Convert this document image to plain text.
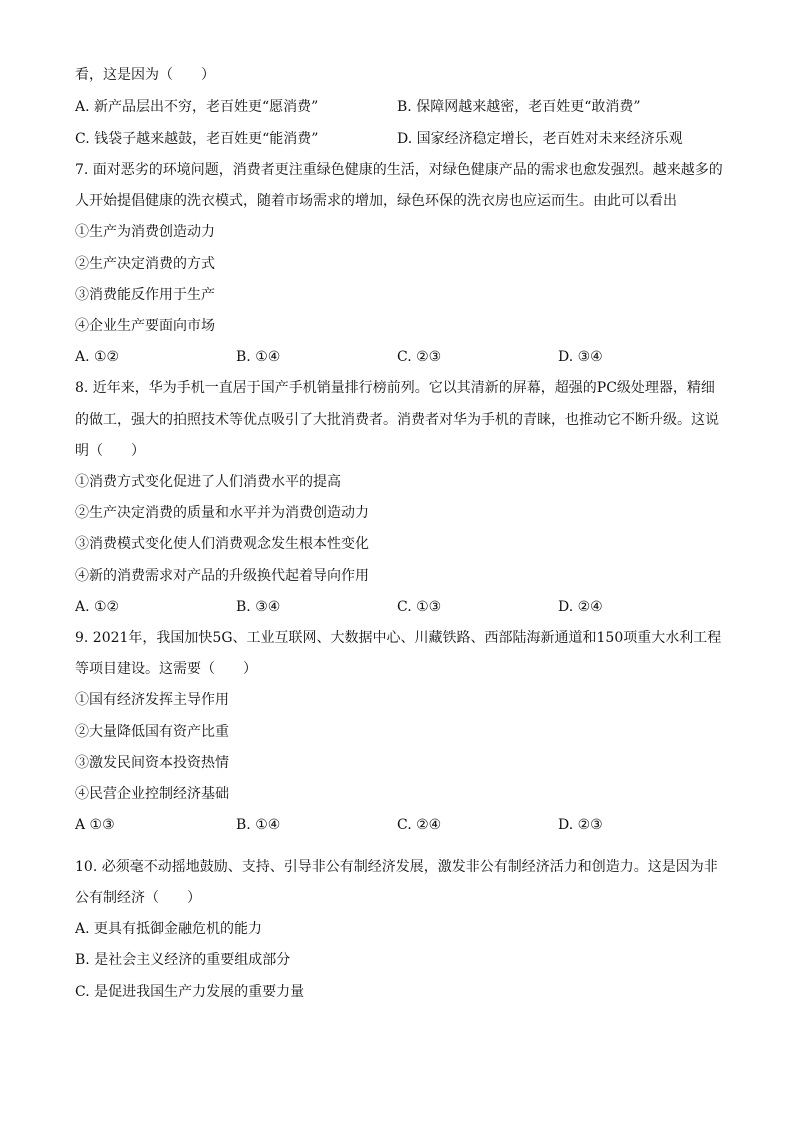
看，这是因为（　　）
A. 新产品层出不穷，老百姓更“愿消费”	B. 保障网越来越密，老百姓更“敢消费”
C. 钱袋子越来越鼓，老百姓更“能消费”	D. 国家经济稳定增长，老百姓对未来经济乐观
7. 面对恶劣的环境问题，消费者更注重绿色健康的生活，对绿色健康产品的需求也愈发强烈。越来越多的
人开始提倡健康的洗衣模式，随着市场需求的增加，绿色环保的洗衣房也应运而生。由此可以看出
①生产为消费创造动力
②生产决定消费的方式
③消费能反作用于生产
④企业生产要面向市场
A. ①②	B. ①④	C. ②③	D. ③④
8. 近年来，华为手机一直居于国产手机销量排行榜前列。它以其清新的屏幕，超强的PC级处理器，精细
的做工，强大的拍照技术等优点吸引了大批消费者。消费者对华为手机的青睐，也推动它不断升级。这说
明（　　）
①消费方式变化促进了人们消费水平的提高
②生产决定消费的质量和水平并为消费创造动力
③消费模式变化使人们消费观念发生根本性变化
④新的消费需求对产品的升级换代起着导向作用
A. ①②	B. ③④	C. ①③	D. ②④
9. 2021年，我国加快5G、工业互联网、大数据中心、川藏铁路、西部陆海新通道和150项重大水利工程
等项目建设。这需要（　　）
①国有经济发挥主导作用
②大量降低国有资产比重
③激发民间资本投资热情
④民营企业控制经济基础
A ①③	B. ①④	C. ②④	D. ②③
10. 必须毫不动摇地鼓励、支持、引导非公有制经济发展，激发非公有制经济活力和创造力。这是因为非
公有制经济（　　）
A. 更具有抵御金融危机的能力
B. 是社会主义经济的重要组成部分
C. 是促进我国生产力发展的重要力量
